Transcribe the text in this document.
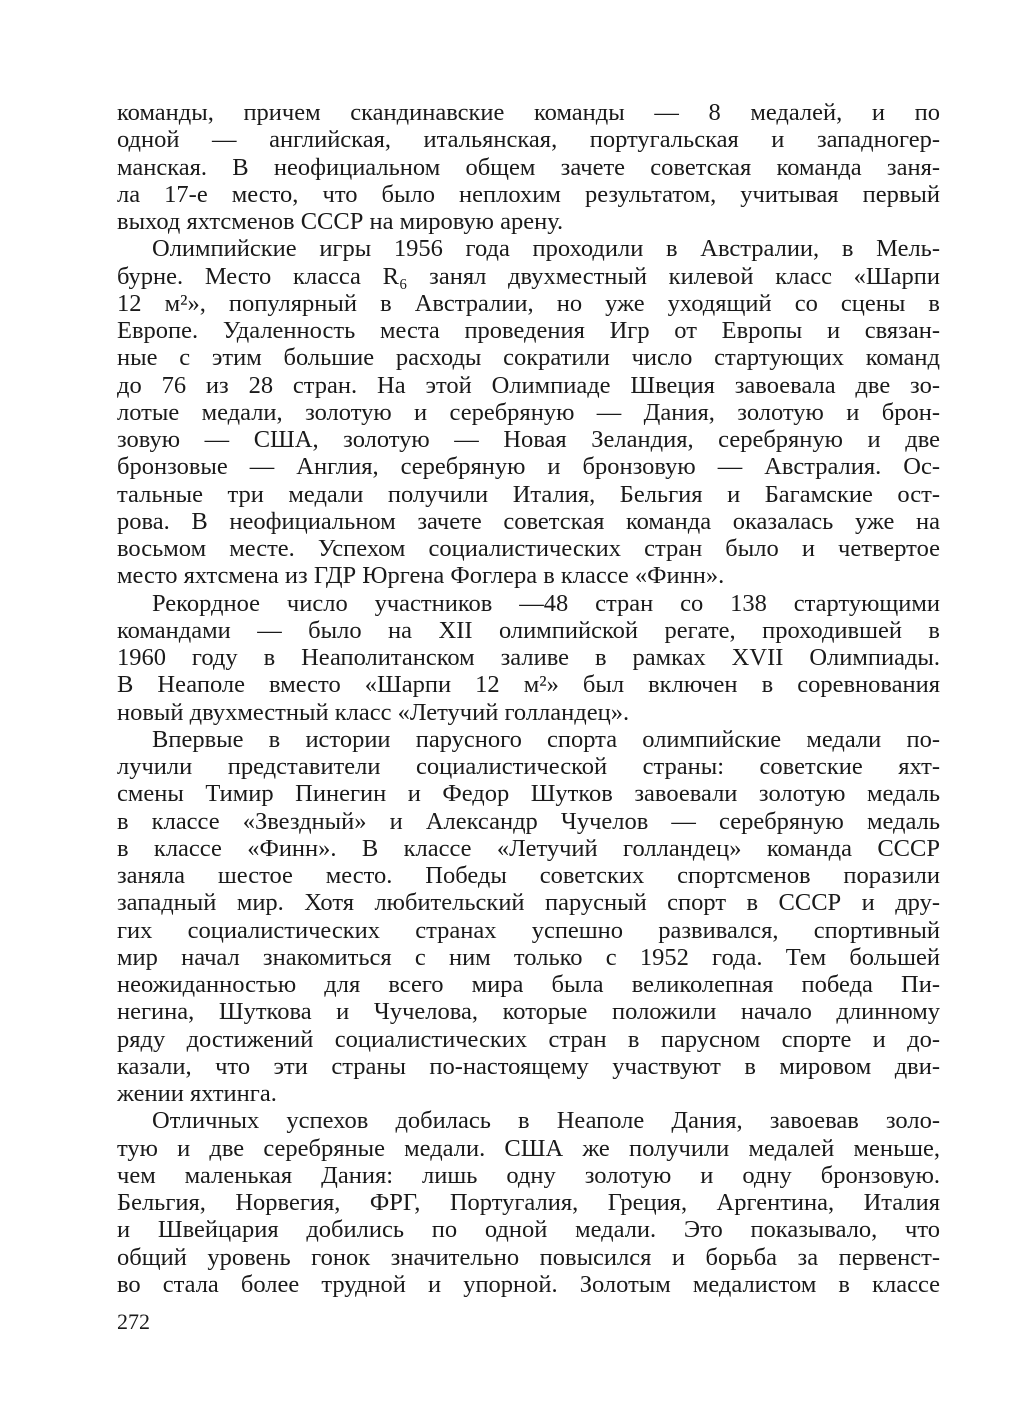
команды, причем скандинавские команды — 8 медалей, и по
одной — английская, итальянская, португальская и западногер-
манская. В неофициальном общем зачете советская команда заня-
ла 17-е место, что было неплохим результатом, учитывая первый
выход яхтсменов СССР на мировую арену.
Олимпийские игры 1956 года проходили в Австралии, в Мель-
бурне. Место класса R₆ занял двухместный килевой класс «Шарпи
12 м²», популярный в Австралии, но уже уходящий со сцены в
Европе. Удаленность места проведения Игр от Европы и связан-
ные с этим большие расходы сократили число стартующих команд
до 76 из 28 стран. На этой Олимпиаде Швеция завоевала две зо-
лотые медали, золотую и серебряную — Дания, золотую и брон-
зовую — США, золотую — Новая Зеландия, серебряную и две
бронзовые — Англия, серебряную и бронзовую — Австралия. Ос-
тальные три медали получили Италия, Бельгия и Багамские ост-
рова. В неофициальном зачете советская команда оказалась уже на
восьмом месте. Успехом социалистических стран было и четвертое
место яхтсмена из ГДР Юргена Фоглера в классе «Финн».
Рекордное число участников —48 стран со 138 стартующими
командами — было на XII олимпийской регате, проходившей в
1960 году в Неаполитанском заливе в рамках XVII Олимпиады.
В Неаполе вместо «Шарпи 12 м²» был включен в соревнования
новый двухместный класс «Летучий голландец».
Впервые в истории парусного спорта олимпийские медали по-
лучили представители социалистической страны: советские яхт-
смены Тимир Пинегин и Федор Шутков завоевали золотую медаль
в классе «Звездный» и Александр Чучелов — серебряную медаль
в классе «Финн». В классе «Летучий голландец» команда СССР
заняла шестое место. Победы советских спортсменов поразили
западный мир. Хотя любительский парусный спорт в СССР и дру-
гих социалистических странах успешно развивался, спортивный
мир начал знакомиться с ним только с 1952 года. Тем большей
неожиданностью для всего мира была великолепная победа Пи-
негина, Шуткова и Чучелова, которые положили начало длинному
ряду достижений социалистических стран в парусном спорте и до-
казали, что эти страны по-настоящему участвуют в мировом дви-
жении яхтинга.
Отличных успехов добилась в Неаполе Дания, завоевав золо-
тую и две серебряные медали. США же получили медалей меньше,
чем маленькая Дания: лишь одну золотую и одну бронзовую.
Бельгия, Норвегия, ФРГ, Португалия, Греция, Аргентина, Италия
и Швейцария добились по одной медали. Это показывало, что
общий уровень гонок значительно повысился и борьба за первенст-
во стала более трудной и упорной. Золотым медалистом в классе
272
